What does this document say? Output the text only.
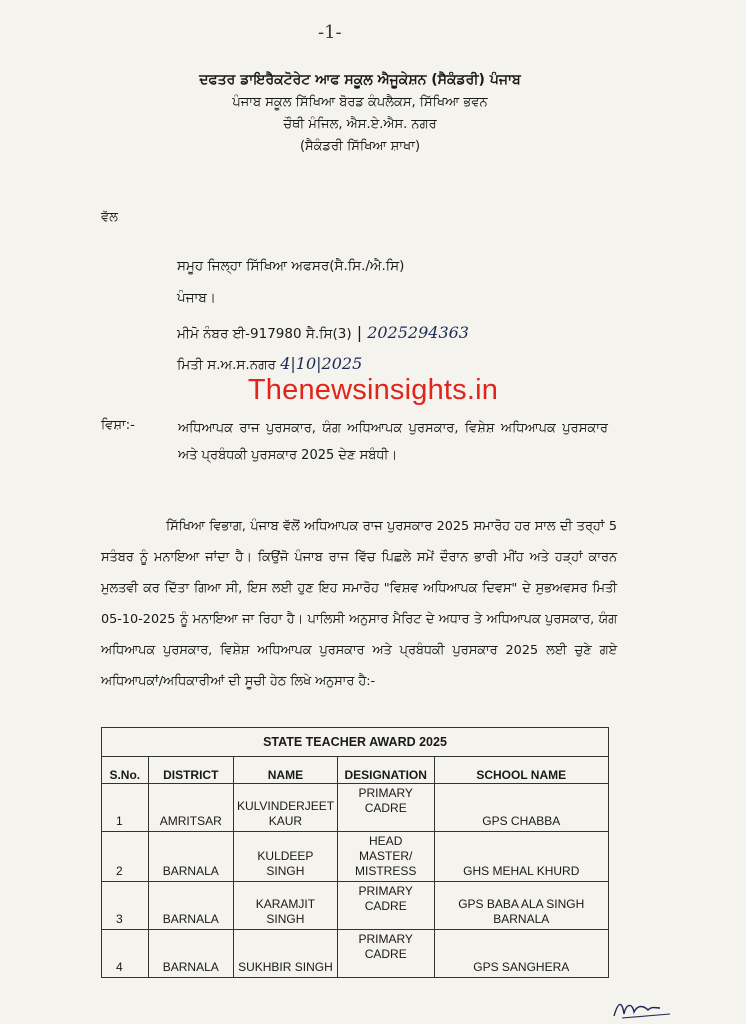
-1-
ਦਫਤਰ ਡਾਇਰੈਕਟੋਰੇਟ ਆਫ ਸਕੂਲ ਐਜੂਕੇਸ਼ਨ (ਸੈਕੰਡਰੀ) ਪੰਜਾਬ
ਪੰਜਾਬ ਸਕੂਲ ਸਿੱਖਿਆ ਬੋਰਡ ਕੰਪਲੈਕਸ, ਸਿੱਖਿਆ ਭਵਨ
ਚੌਥੀ ਮੰਜਿਲ, ਐਸ.ਏ.ਐਸ. ਨਗਰ
(ਸੈਕੰਡਰੀ ਸਿੱਖਿਆ ਸ਼ਾਖਾ)
ਵੱਲ
ਸਮੂਹ ਜਿਲ੍ਹਾ ਸਿੱਖਿਆ ਅਫਸਰ(ਸੈ.ਸਿ./ਐ.ਸਿ)
ਪੰਜਾਬ।
ਮੀਮੋ ਨੰਬਰ ਈ-917980 ਸੈ.ਸਿ(3) | 2025294363
ਮਿਤੀ ਸ.ਅ.ਸ.ਨਗਰ 4|10|2025
Thenewsinsights.in
ਵਿਸ਼ਾ:-	ਅਧਿਆਪਕ ਰਾਜ ਪੁਰਸਕਾਰ, ਯੰਗ ਅਧਿਆਪਕ ਪੁਰਸਕਾਰ, ਵਿਸ਼ੇਸ਼ ਅਧਿਆਪਕ ਪੁਰਸਕਾਰ ਅਤੇ ਪ੍ਰਬੰਧਕੀ ਪੁਰਸਕਾਰ 2025 ਦੇਣ ਸਬੰਧੀ।
ਸਿੱਖਿਆ ਵਿਭਾਗ, ਪੰਜਾਬ ਵੱਲੋਂ ਅਧਿਆਪਕ ਰਾਜ ਪੁਰਸਕਾਰ 2025 ਸਮਾਰੋਹ ਹਰ ਸਾਲ ਦੀ ਤਰ੍ਹਾਂ 5 ਸਤੰਬਰ ਨੂੰ ਮਨਾਇਆ ਜਾਂਦਾ ਹੈ। ਕਿਉਂਜੋ ਪੰਜਾਬ ਰਾਜ ਵਿੱਚ ਪਿਛਲੇ ਸਮੇਂ ਦੌਰਾਨ ਭਾਰੀ ਮੀਂਹ ਅਤੇ ਹੜ੍ਹਾਂ ਕਾਰਨ ਮੁਲਤਵੀ ਕਰ ਦਿੱਤਾ ਗਿਆ ਸੀ, ਇਸ ਲਈ ਹੁਣ ਇਹ ਸਮਾਰੋਹ "ਵਿਸ਼ਵ ਅਧਿਆਪਕ ਦਿਵਸ" ਦੇ ਸੁਭਅਵਸਰ ਮਿਤੀ 05-10-2025 ਨੂੰ ਮਨਾਇਆ ਜਾ ਰਿਹਾ ਹੈ। ਪਾਲਿਸੀ ਅਨੁਸਾਰ ਮੈਰਿਟ ਦੇ ਅਧਾਰ ਤੇ ਅਧਿਆਪਕ ਪੁਰਸਕਾਰ, ਯੰਗ ਅਧਿਆਪਕ ਪੁਰਸਕਾਰ, ਵਿਸ਼ੇਸ਼ ਅਧਿਆਪਕ ਪੁਰਸਕਾਰ ਅਤੇ ਪ੍ਰਬੰਧਕੀ ਪੁਰਸਕਾਰ 2025 ਲਈ ਚੁਣੇ ਗਏ ਅਧਿਆਪਕਾਂ/ਅਧਿਕਾਰੀਆਂ ਦੀ ਸੂਚੀ ਹੇਠ ਲਿਖੇ ਅਨੁਸਾਰ ਹੈ:-
STATE TEACHER AWARD 2025				
S.No.	DISTRICT	NAME	DESIGNATION	SCHOOL NAME
1	AMRITSAR	KULVINDERJEET KAUR	PRIMARY CADRE	GPS CHABBA
2	BARNALA	KULDEEP SINGH	HEAD MASTER/ MISTRESS	GHS MEHAL KHURD
3	BARNALA	KARAMJIT SINGH	PRIMARY CADRE	GPS BABA ALA SINGH BARNALA
4	BARNALA	SUKHBIR SINGH	PRIMARY CADRE	GPS SANGHERA
